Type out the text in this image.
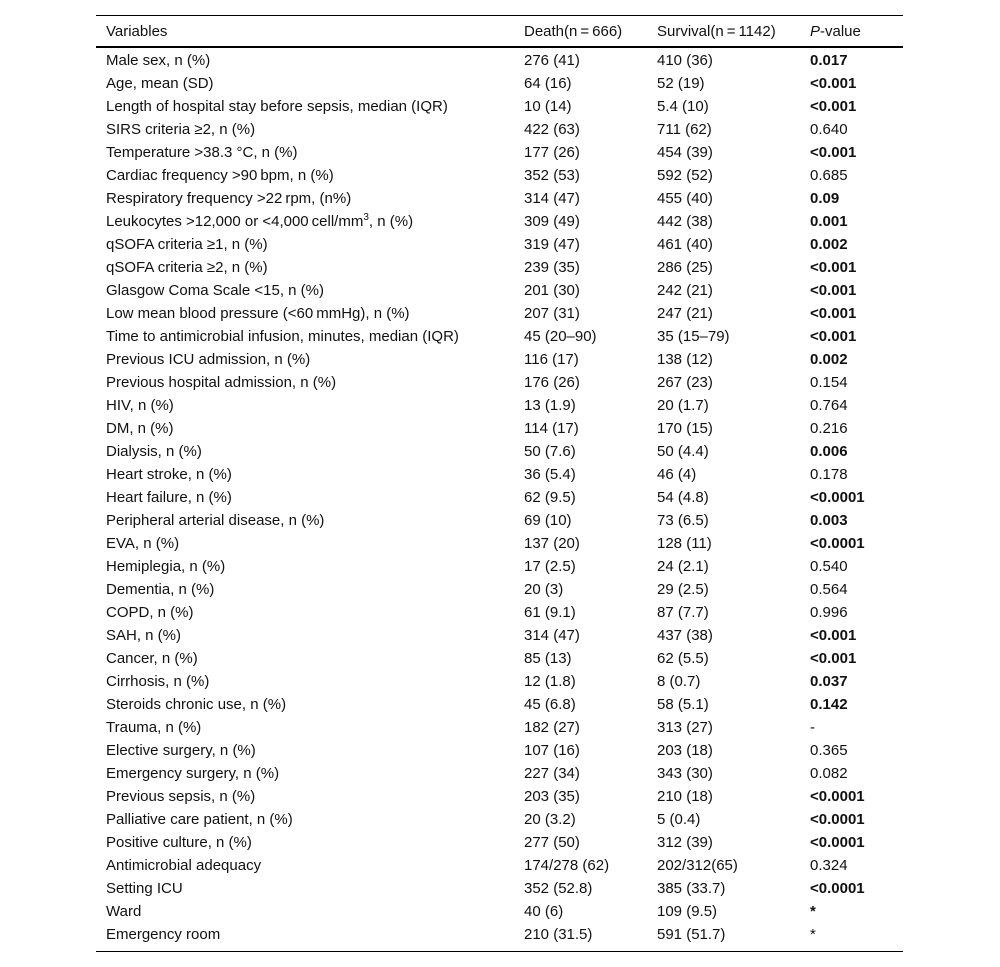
Variables	Death(n = 666)	Survival(n = 1142)	P-value
Male sex, n (%)	276 (41)	410 (36)	0.017
Age, mean (SD)	64 (16)	52 (19)	<0.001
Length of hospital stay before sepsis, median (IQR)	10 (14)	5.4 (10)	<0.001
SIRS criteria ≥2, n (%)	422 (63)	711 (62)	0.640
Temperature >38.3 °C, n (%)	177 (26)	454 (39)	<0.001
Cardiac frequency >90 bpm, n (%)	352 (53)	592 (52)	0.685
Respiratory frequency >22 rpm, (n%)	314 (47)	455 (40)	0.09
Leukocytes >12,000 or <4,000 cell/$mm^3$, n (%)	309 (49)	442 (38)	0.001
qSOFA criteria ≥1, n (%)	319 (47)	461 (40)	0.002
qSOFA criteria ≥2, n (%)	239 (35)	286 (25)	<0.001
Glasgow Coma Scale <15, n (%)	201 (30)	242 (21)	<0.001
Low mean blood pressure (<60 mmHg), n (%)	207 (31)	247 (21)	<0.001
Time to antimicrobial infusion, minutes, median (IQR)	45 (20–90)	35 (15–79)	<0.001
Previous ICU admission, n (%)	116 (17)	138 (12)	0.002
Previous hospital admission, n (%)	176 (26)	267 (23)	0.154
HIV, n (%)	13 (1.9)	20 (1.7)	0.764
DM, n (%)	114 (17)	170 (15)	0.216
Dialysis, n (%)	50 (7.6)	50 (4.4)	0.006
Heart stroke, n (%)	36 (5.4)	46 (4)	0.178
Heart failure, n (%)	62 (9.5)	54 (4.8)	<0.0001
Peripheral arterial disease, n (%)	69 (10)	73 (6.5)	0.003
EVA, n (%)	137 (20)	128 (11)	<0.0001
Hemiplegia, n (%)	17 (2.5)	24 (2.1)	0.540
Dementia, n (%)	20 (3)	29 (2.5)	0.564
COPD, n (%)	61 (9.1)	87 (7.7)	0.996
SAH, n (%)	314 (47)	437 (38)	<0.001
Cancer, n (%)	85 (13)	62 (5.5)	<0.001
Cirrhosis, n (%)	12 (1.8)	8 (0.7)	0.037
Steroids chronic use, n (%)	45 (6.8)	58 (5.1)	0.142
Trauma, n (%)	182 (27)	313 (27)	-
Elective surgery, n (%)	107 (16)	203 (18)	0.365
Emergency surgery, n (%)	227 (34)	343 (30)	0.082
Previous sepsis, n (%)	203 (35)	210 (18)	<0.0001
Palliative care patient, n (%)	20 (3.2)	5 (0.4)	<0.0001
Positive culture, n (%)	277 (50)	312 (39)	<0.0001
Antimicrobial adequacy	174/278 (62)	202/312(65)	0.324
Setting ICU	352 (52.8)	385 (33.7)	<0.0001
Ward	40 (6)	109 (9.5)	*
Emergency room	210 (31.5)	591 (51.7)	*
